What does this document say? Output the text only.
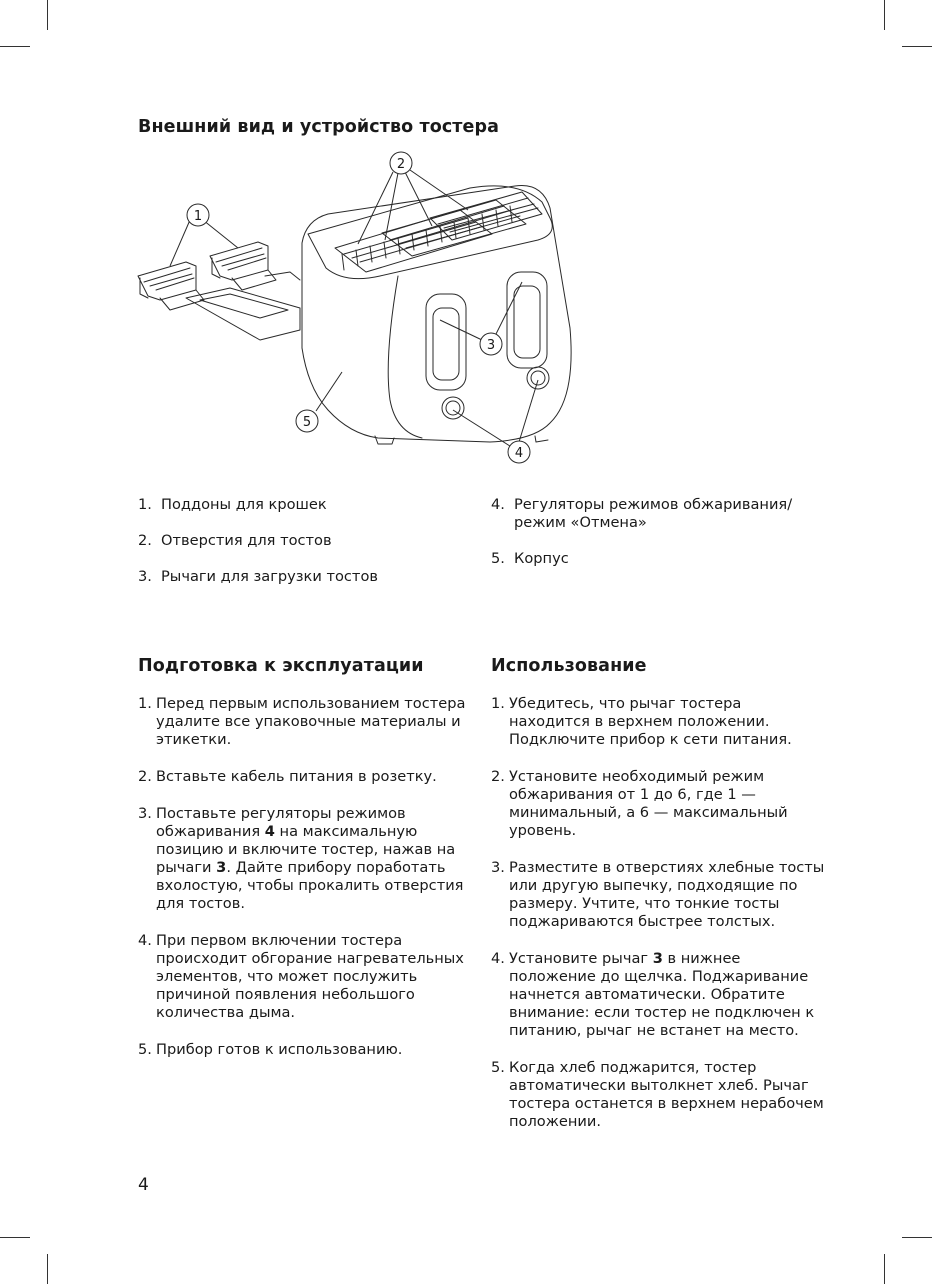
Внешний вид и устройство тостера
1
2
3
4
5
1. Поддоны для крошек
2. Отверстия для тостов
3. Рычаги для загрузки тостов
4. Регуляторы режимов обжаривания/ режим «Отмена»
5. Корпус
Подготовка к эксплуатации
1. Перед первым использованием тостера удалите все упаковочные материалы и этикетки.
2. Вставьте кабель питания в розетку.
3. Поставьте регуляторы режимов обжаривания 4 на максимальную позицию и включите тостер, нажав на рычаги 3. Дайте прибору поработать вхолостую, чтобы прокалить отверстия для тостов.
4. При первом включении тостера происходит обгорание нагревательных элементов, что может послужить причиной появления небольшого количества дыма.
5. Прибор готов к использованию.
Использование
1. Убедитесь, что рычаг тостера находится в верхнем положении. Подключите прибор к сети питания.
2. Установите необходимый режим обжаривания от 1 до 6, где 1 — минимальный, а 6 — максимальный уровень.
3. Разместите в отверстиях хлебные тосты или другую выпечку, подходящие по размеру. Учтите, что тонкие тосты поджариваются быстрее толстых.
4. Установите рычаг 3 в нижнее положение до щелчка. Поджаривание начнется автоматически. Обратите внимание: если тостер не подключен к питанию, рычаг не встанет на место.
5. Когда хлеб поджарится, тостер автоматически вытолкнет хлеб. Рычаг тостера останется в верхнем нерабочем положении.
4
